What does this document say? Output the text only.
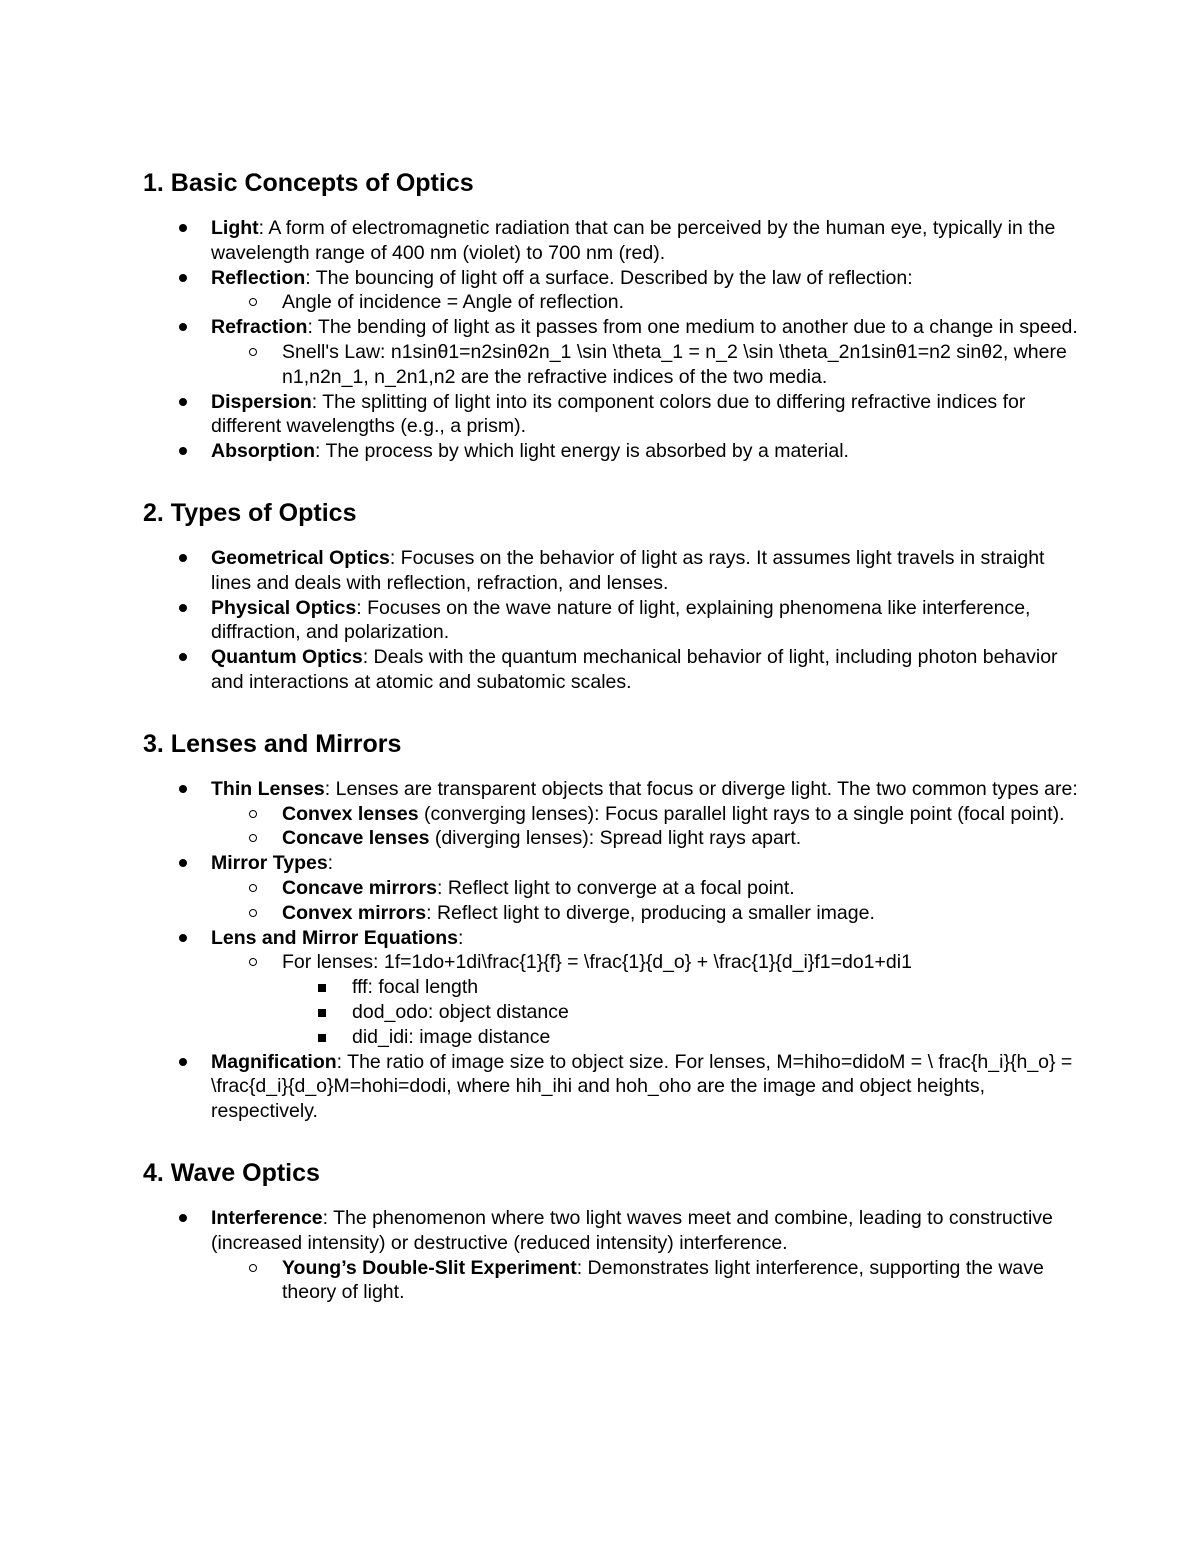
1. Basic Concepts of Optics
Light: A form of electromagnetic radiation that can be perceived by the human eye, typically in the wavelength range of 400 nm (violet) to 700 nm (red).
Reflection: The bouncing of light off a surface. Described by the law of reflection:
Angle of incidence = Angle of reflection.
Refraction: The bending of light as it passes from one medium to another due to a change in speed.
Snell's Law: n1sinθ1=n2sinθ2n_1 \sin \theta_1 = n_2 \sin \theta_2n1sinθ1=n2 sinθ2, where n1,n2n_1, n_2n1,n2 are the refractive indices of the two media.
Dispersion: The splitting of light into its component colors due to differing refractive indices for different wavelengths (e.g., a prism).
Absorption: The process by which light energy is absorbed by a material.
2. Types of Optics
Geometrical Optics: Focuses on the behavior of light as rays. It assumes light travels in straight lines and deals with reflection, refraction, and lenses.
Physical Optics: Focuses on the wave nature of light, explaining phenomena like interference, diffraction, and polarization.
Quantum Optics: Deals with the quantum mechanical behavior of light, including photon behavior and interactions at atomic and subatomic scales.
3. Lenses and Mirrors
Thin Lenses: Lenses are transparent objects that focus or diverge light. The two common types are:
Convex lenses (converging lenses): Focus parallel light rays to a single point (focal point).
Concave lenses (diverging lenses): Spread light rays apart.
Mirror Types:
Concave mirrors: Reflect light to converge at a focal point.
Convex mirrors: Reflect light to diverge, producing a smaller image.
Lens and Mirror Equations:
For lenses: 1f=1do+1di\frac{1}{f} = \frac{1}{d_o} + \frac{1}{d_i}f1=do1+di1
fff: focal length
dod_odo: object distance
did_idi: image distance
Magnification: The ratio of image size to object size. For lenses, M=hiho=didoM = \ frac{h_i}{h_o} = \frac{d_i}{d_o}M=hohi=dodi, where hih_ihi and hoh_oho are the image and object heights, respectively.
4. Wave Optics
Interference: The phenomenon where two light waves meet and combine, leading to constructive (increased intensity) or destructive (reduced intensity) interference.
Young’s Double-Slit Experiment: Demonstrates light interference, supporting the wave theory of light.
